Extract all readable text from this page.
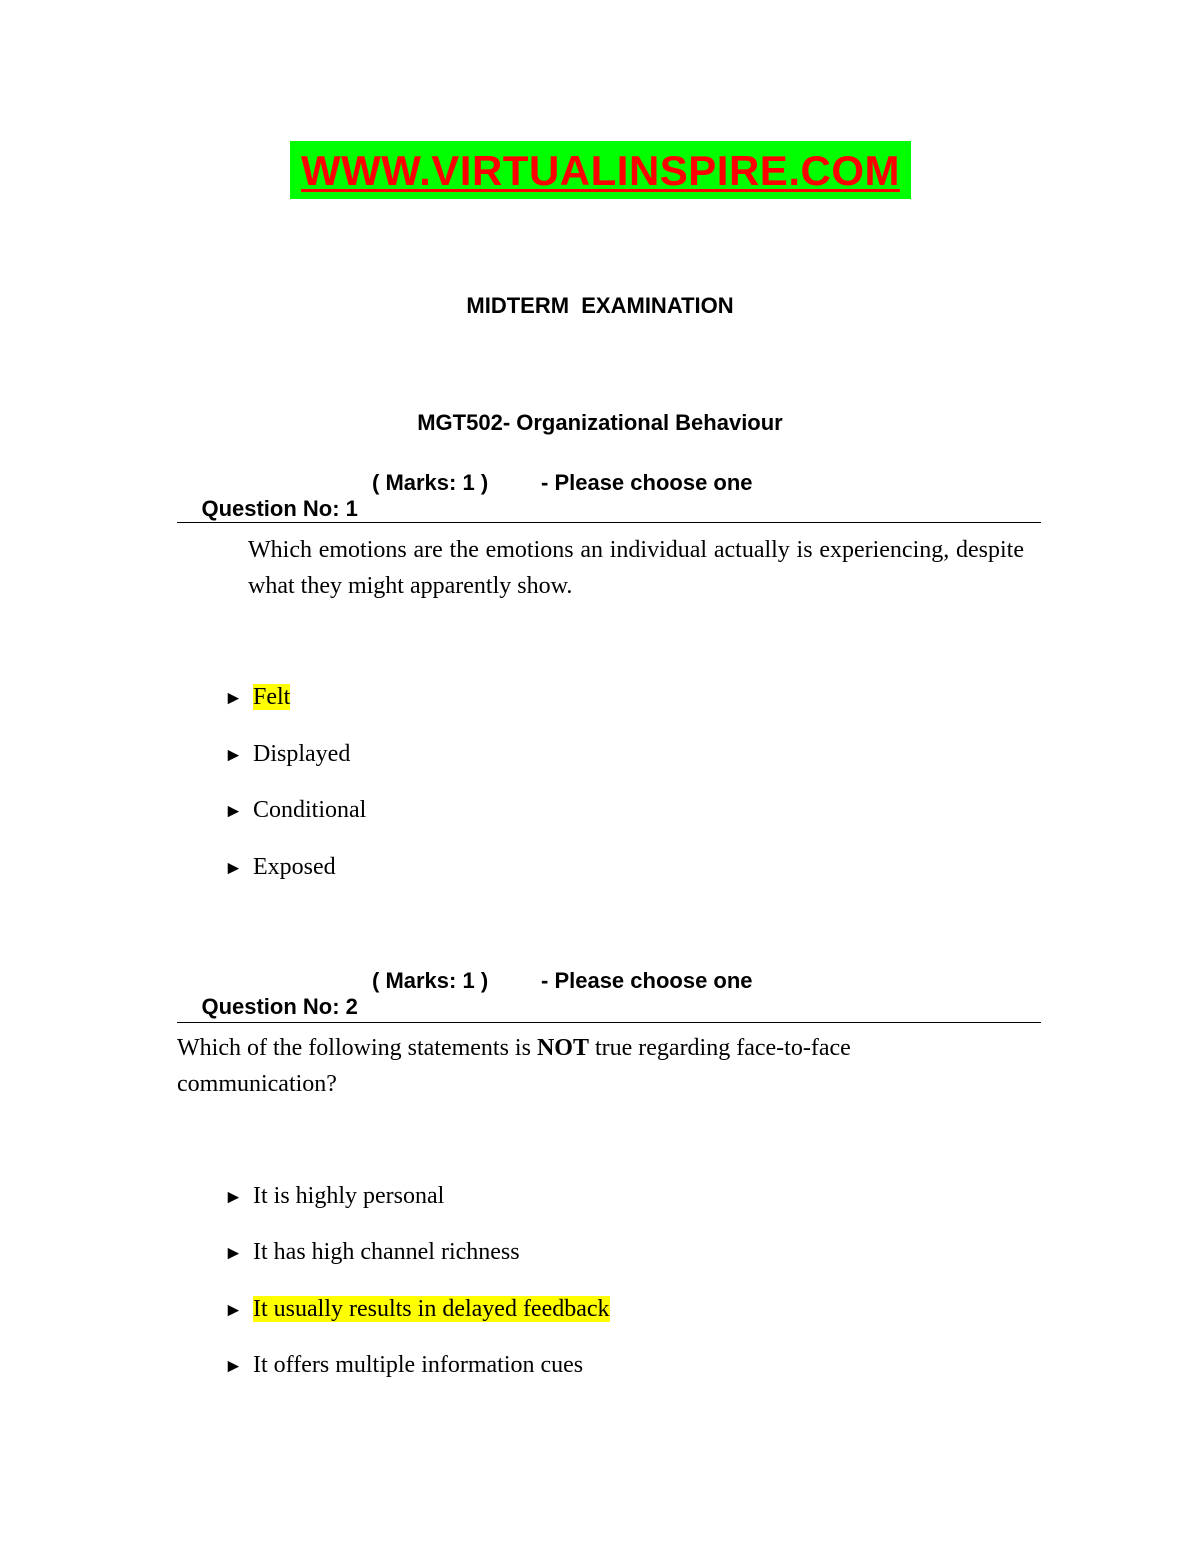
WWW.VIRTUALINSPIRE.COM
MIDTERM  EXAMINATION
MGT502- Organizational Behaviour

Question No: 1

( Marks: 1 )

- Please choose one

Which emotions are the emotions an individual actually is experiencing, despite what they might apparently show.
► Felt
► Displayed
► Conditional
► Exposed

Question No: 2

( Marks: 1 )

- Please choose one

Which of the following statements is NOT true regarding face-to-face communication?
► It is highly personal
► It has high channel richness
► It usually results in delayed feedback
► It offers multiple information cues
